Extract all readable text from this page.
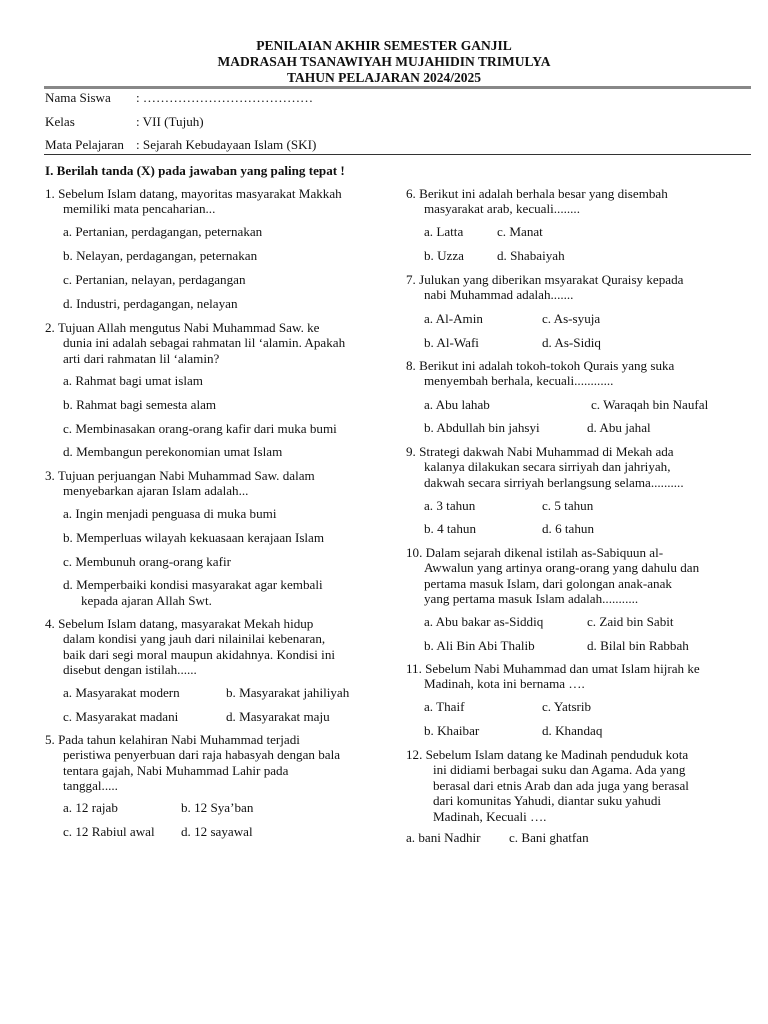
PENILAIAN AKHIR SEMESTER GANJIL
MADRASAH TSANAWIYAH MUJAHIDIN TRIMULYA
TAHUN PELAJARAN 2024/2025
Nama Siswa	: …………………………………
Kelas	: VII (Tujuh)
Mata Pelajaran : Sejarah Kebudayaan Islam (SKI)
I. Berilah tanda (X) pada jawaban yang paling tepat !
1. Sebelum Islam datang, mayoritas masyarakat Makkah
memiliki mata pencaharian...
a. Pertanian, perdagangan, peternakan
b. Nelayan, perdagangan, peternakan
c. Pertanian, nelayan, perdagangan
d. Industri, perdagangan, nelayan
2. Tujuan Allah mengutus Nabi Muhammad Saw. ke
dunia ini adalah sebagai rahmatan lil ‘alamin. Apakah
arti dari rahmatan lil ‘alamin?
a. Rahmat bagi umat islam
b. Rahmat bagi semesta alam
c. Membinasakan orang-orang kafir dari muka bumi
d. Membangun perekonomian umat Islam
3. Tujuan perjuangan Nabi Muhammad Saw. dalam
menyebarkan ajaran Islam adalah...
a. Ingin menjadi penguasa di muka bumi
b. Memperluas wilayah kekuasaan kerajaan Islam
c. Membunuh orang-orang kafir
d. Memperbaiki kondisi masyarakat agar kembali
kepada ajaran Allah Swt.
4. Sebelum Islam datang, masyarakat Mekah hidup
dalam kondisi yang jauh dari nilainilai kebenaran,
baik dari segi moral maupun akidahnya. Kondisi ini
disebut dengan istilah......
a. Masyarakat modern	b. Masyarakat jahiliyah
c. Masyarakat madani	d. Masyarakat maju
5. Pada tahun kelahiran Nabi Muhammad terjadi
peristiwa penyerbuan dari raja habasyah dengan bala
tentara gajah, Nabi Muhammad Lahir pada
tanggal.....
a. 12 rajab	b. 12 Sya’ban
c. 12 Rabiul awal d. 12 sayawal
6. Berikut ini adalah berhala besar yang disembah
masyarakat arab, kecuali........
a. Latta	c. Manat
b. Uzza	d. Shabaiyah
7. Julukan yang diberikan msyarakat Quraisy kepada
nabi Muhammad adalah.......
a. Al-Amin	c. As-syuja
b. Al-Wafi	d. As-Sidiq
8. Berikut ini adalah tokoh-tokoh Qurais yang suka
menyembah berhala, kecuali............
a. Abu lahab	c. Waraqah bin Naufal
b. Abdullah bin jahsyi	d. Abu jahal
9. Strategi dakwah Nabi Muhammad di Mekah ada
kalanya dilakukan secara sirriyah dan jahriyah,
dakwah secara sirriyah berlangsung selama..........
a. 3 tahun	c. 5 tahun
b. 4 tahun	d. 6 tahun
10. Dalam sejarah dikenal istilah as-Sabiquun al-
Awwalun yang artinya orang-orang yang dahulu dan
pertama masuk Islam, dari golongan anak-anak
yang pertama masuk Islam adalah...........
a. Abu bakar as-Siddiq	c. Zaid bin Sabit
b. Ali Bin Abi Thalib	d. Bilal bin Rabbah
11. Sebelum Nabi Muhammad dan umat Islam hijrah ke
Madinah, kota ini bernama ….
a. Thaif	c. Yatsrib
b. Khaibar	d. Khandaq
12. Sebelum Islam datang ke Madinah penduduk kota
ini didiami berbagai suku dan Agama. Ada yang
berasal dari etnis Arab dan ada juga yang berasal
dari komunitas Yahudi, diantar suku yahudi
Madinah, Kecuali ….
a. bani Nadhir c. Bani ghatfan
